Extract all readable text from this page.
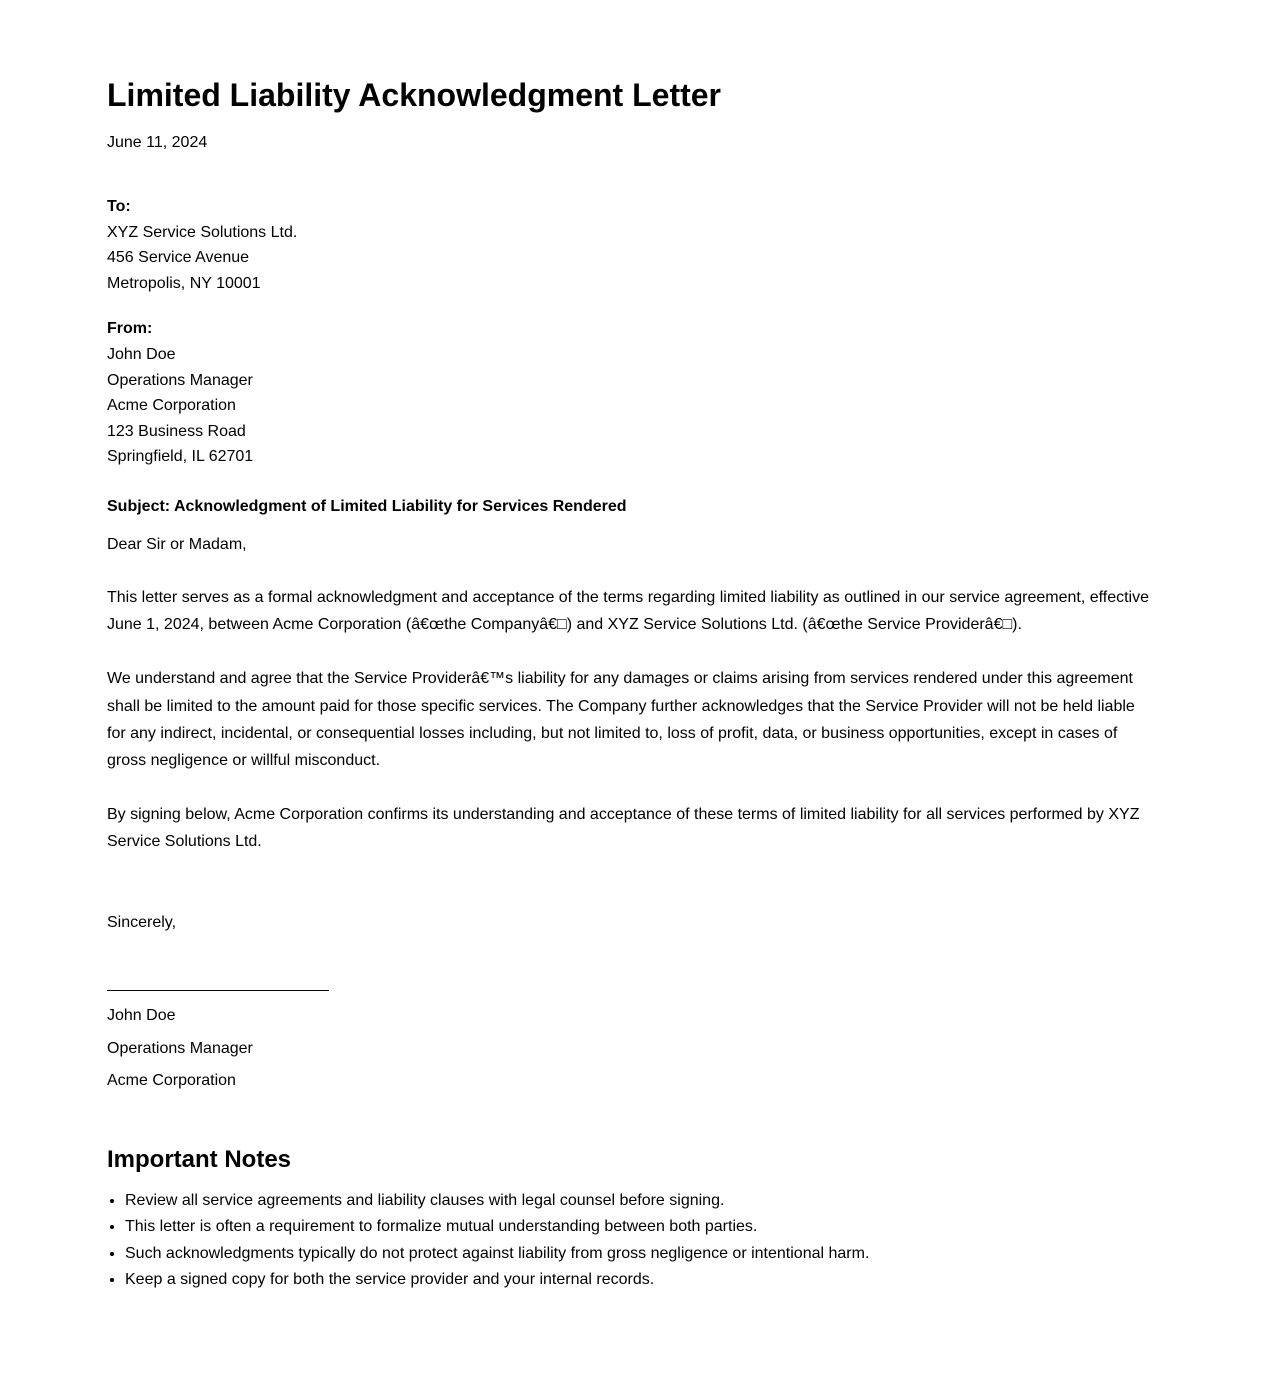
Limited Liability Acknowledgment Letter

June 11, 2024

To:
XYZ Service Solutions Ltd.
456 Service Avenue
Metropolis, NY 10001
From:
John Doe
Operations Manager
Acme Corporation
123 Business Road
Springfield, IL 62701

Subject: Acknowledgment of Limited Liability for Services Rendered

Dear Sir or Madam,

This letter serves as a formal acknowledgment and acceptance of the terms regarding limited liability as outlined in our service agreement, effective June 1, 2024, between Acme Corporation (â€œthe Companyâ€□) and XYZ Service Solutions Ltd. (â€œthe Service Providerâ€□).

We understand and agree that the Service Providerâ€™s liability for any damages or claims arising from services rendered under this agreement shall be limited to the amount paid for those specific services. The Company further acknowledges that the Service Provider will not be held liable for any indirect, incidental, or consequential losses including, but not limited to, loss of profit, data, or business opportunities, except in cases of gross negligence or willful misconduct.

By signing below, Acme Corporation confirms its understanding and acceptance of these terms of limited liability for all services performed by XYZ Service Solutions Ltd.

Sincerely,

John Doe

Operations Manager

Acme Corporation

Important Notes
• Review all service agreements and liability clauses with legal counsel before signing.
• This letter is often a requirement to formalize mutual understanding between both parties.
• Such acknowledgments typically do not protect against liability from gross negligence or intentional harm.
• Keep a signed copy for both the service provider and your internal records.
